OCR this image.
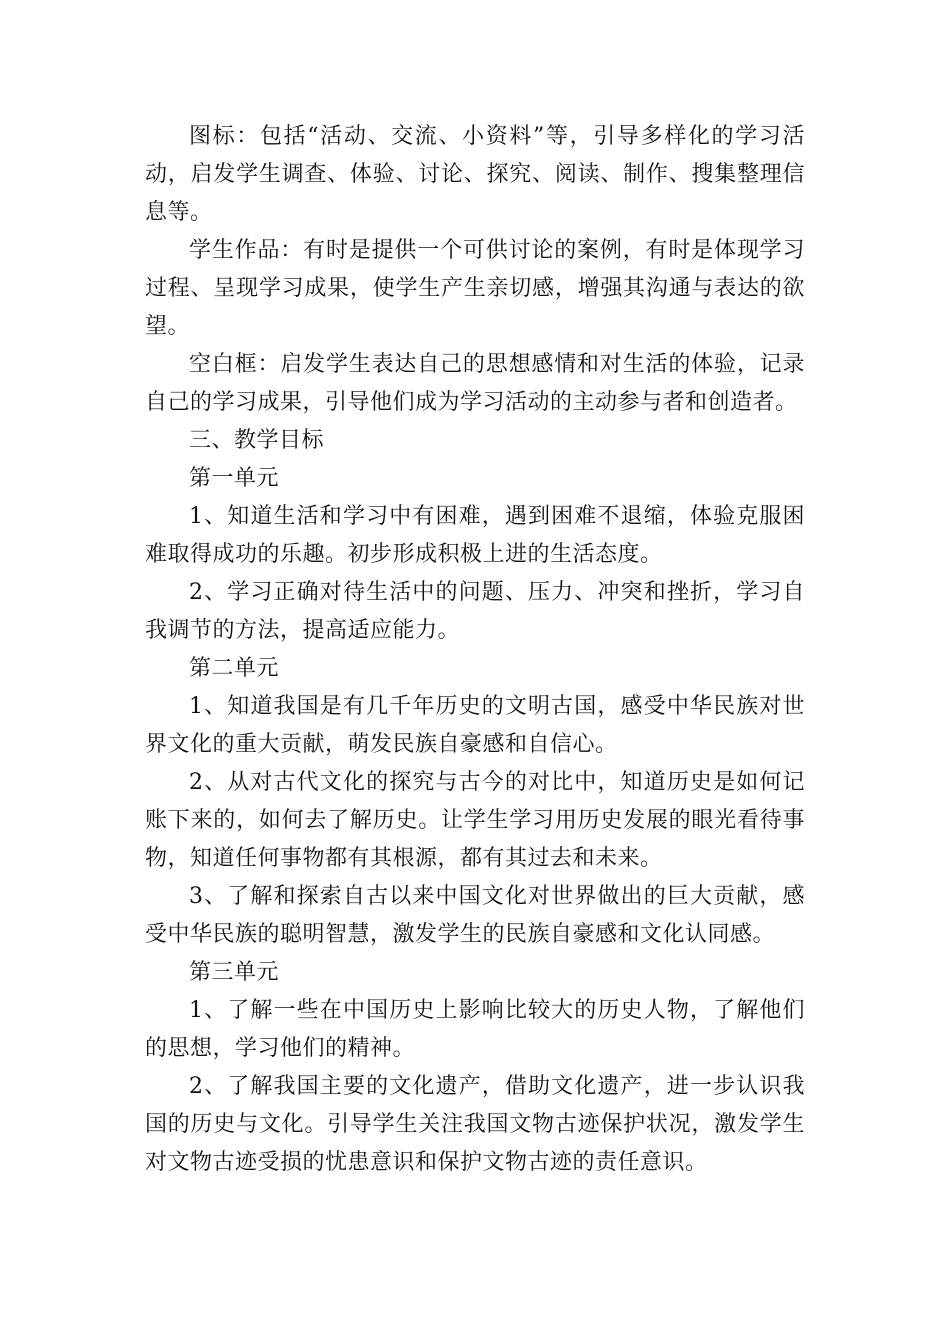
图标：包括“活动、交流、小资料”等，引导多样化的学习活动，启发学生调查、体验、讨论、探究、阅读、制作、搜集整理信息等。

学生作品：有时是提供一个可供讨论的案例，有时是体现学习过程、呈现学习成果，使学生产生亲切感，增强其沟通与表达的欲望。

空白框：启发学生表达自己的思想感情和对生活的体验，记录自己的学习成果，引导他们成为学习活动的主动参与者和创造者。

三、教学目标

第一单元

1、知道生活和学习中有困难，遇到困难不退缩，体验克服困难取得成功的乐趣。初步形成积极上进的生活态度。

2、学习正确对待生活中的问题、压力、冲突和挫折，学习自我调节的方法，提高适应能力。

第二单元

1、知道我国是有几千年历史的文明古国，感受中华民族对世界文化的重大贡献，萌发民族自豪感和自信心。

2、从对古代文化的探究与古今的对比中，知道历史是如何记账下来的，如何去了解历史。让学生学习用历史发展的眼光看待事物，知道任何事物都有其根源，都有其过去和未来。

3、了解和探索自古以来中国文化对世界做出的巨大贡献，感受中华民族的聪明智慧，激发学生的民族自豪感和文化认同感。

第三单元

1、了解一些在中国历史上影响比较大的历史人物，了解他们的思想，学习他们的精神。

2、了解我国主要的文化遗产，借助文化遗产，进一步认识我国的历史与文化。引导学生关注我国文物古迹保护状况，激发学生对文物古迹受损的忧患意识和保护文物古迹的责任意识。
